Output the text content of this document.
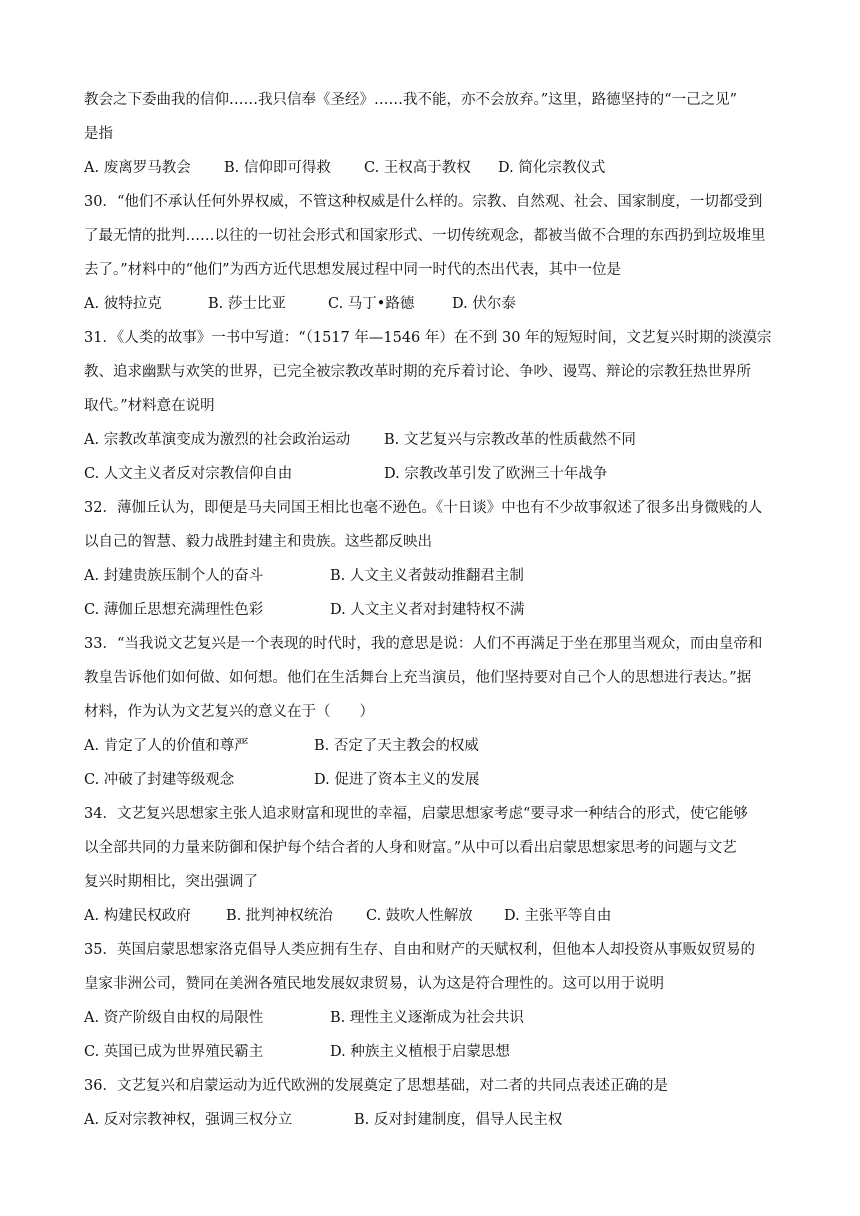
教会之下委曲我的信仰……我只信奉《圣经》……我不能，亦不会放弃。”这里，路德坚持的“一己之见”
是指
A. 废离罗马教会 B. 信仰即可得救 C. 王权高于教权 D. 简化宗教仪式
30．“他们不承认任何外界权威，不管这种权威是什么样的。宗教、自然观、社会、国家制度，一切都受到
了最无情的批判……以往的一切社会形式和国家形式、一切传统观念，都被当做不合理的东西扔到垃圾堆里
去了。”材料中的“他们”为西方近代思想发展过程中同一时代的杰出代表，其中一位是
A. 彼特拉克	B. 莎士比亚	C. 马丁•路德	D. 伏尔泰
31．《人类的故事》一书中写道：“（1517 年—1546 年）在不到 30 年的短短时间，文艺复兴时期的淡漠宗
教、追求幽默与欢笑的世界，已完全被宗教改革时期的充斥着讨论、争吵、谩骂、辩论的宗教狂热世界所
取代。”材料意在说明
A. 宗教改革演变成为激烈的社会政治运动 B. 文艺复兴与宗教改革的性质截然不同
C. 人文主义者反对宗教信仰自由	D. 宗教改革引发了欧洲三十年战争
32．薄伽丘认为，即便是马夫同国王相比也毫不逊色。《十日谈》中也有不少故事叙述了很多出身微贱的人
以自己的智慧、毅力战胜封建主和贵族。这些都反映出
A. 封建贵族压制个人的奋斗	B. 人文主义者鼓动推翻君主制
C. 薄伽丘思想充满理性色彩	D. 人文主义者对封建特权不满
33．“当我说文艺复兴是一个表现的时代时，我的意思是说：人们不再满足于坐在那里当观众，而由皇帝和
教皇告诉他们如何做、如何想。他们在生活舞台上充当演员，他们坚持要对自己个人的思想进行表达。”据
材料，作为认为文艺复兴的意义在于（　　）
A. 肯定了人的价值和尊严	B. 否定了天主教会的权威
C. 冲破了封建等级观念	D. 促进了资本主义的发展
34．文艺复兴思想家主张人追求财富和现世的幸福，启蒙思想家考虑“要寻求一种结合的形式，使它能够
以全部共同的力量来防御和保护每个结合者的人身和财富。”从中可以看出启蒙思想家思考的问题与文艺
复兴时期相比，突出强调了
A. 构建民权政府 B. 批判神权统治 C. 鼓吹人性解放 D. 主张平等自由
35．英国启蒙思想家洛克倡导人类应拥有生存、自由和财产的天赋权利，但他本人却投资从事贩奴贸易的
皇家非洲公司，赞同在美洲各殖民地发展奴隶贸易，认为这是符合理性的。这可以用于说明
A. 资产阶级自由权的局限性	B. 理性主义逐渐成为社会共识
C. 英国已成为世界殖民霸主	D. 种族主义植根于启蒙思想
36．文艺复兴和启蒙运动为近代欧洲的发展奠定了思想基础，对二者的共同点表述正确的是
A. 反对宗教神权，强调三权分立	B. 反对封建制度，倡导人民主权
